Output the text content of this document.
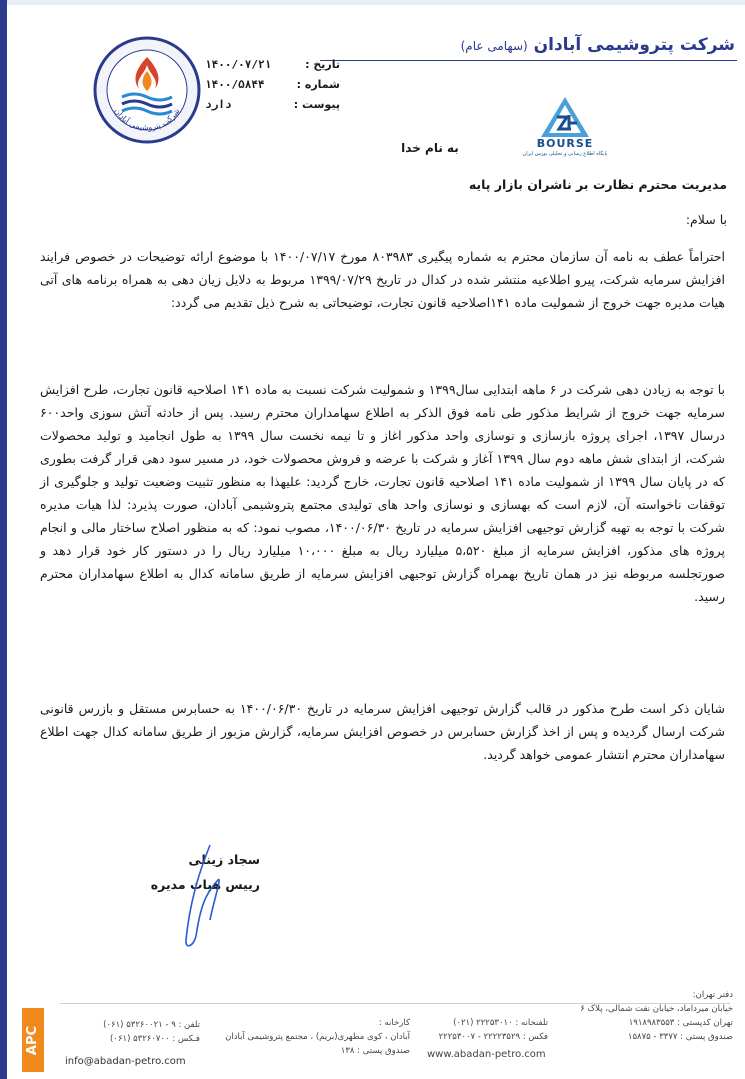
شرکت پتروشیمی آبادان (سهامی عام)
تاریخ :
۱۴۰۰/۰۷/۲۱
شماره :
۱۴۰۰/۵۸۴۴
پیوست :
دارد
شرکت پتروشیمی آبادان
BOURSE
پایگاه اطلاع رسانی و تحلیلی بورس ایران
به نام خدا
مدیریت محترم نظارت بر ناشران بازار پایه
با سلام:
احتراماً عطف به نامه آن سازمان محترم به شماره پیگیری ۸۰۳۹۸۳ مورخ ۱۴۰۰/۰۷/۱۷ با موضوع ارائه توضیحات در خصوص فرایند افزایش سرمایه شرکت، پیرو اطلاعیه منتشر شده در کدال در تاریخ ۱۳۹۹/۰۷/۲۹ مربوط به دلایل زیان دهی به همراه برنامه های آتی هیات مدیره جهت خروج از شمولیت ماده ۱۴۱اصلاحیه قانون تجارت، توضیحاتی به شرح ذیل تقدیم می گردد:
با توجه به زیادن دهی شرکت در ۶ ماهه ابتدایی سال۱۳۹۹ و شمولیت شرکت نسبت به ماده ۱۴۱ اصلاحیه قانون تجارت، طرح افزایش سرمایه جهت خروج از شرایط مذکور طی نامه فوق الذکر به اطلاع سهامداران محترم رسید. پس از حادثه آتش سوزی واحد۶۰۰ درسال ۱۳۹۷، اجرای پروژه بازسازی و نوسازی واحد مذکور اغاز و تا نیمه نخست سال ۱۳۹۹ به طول انجامید و تولید محصولات شرکت، از ابتدای شش ماهه دوم سال ۱۳۹۹ آغاز و شرکت با عرضه و فروش محصولات خود، در مسیر سود دهی قرار گرفت بطوری که در پایان سال ۱۳۹۹ از شمولیت ماده ۱۴۱ اصلاحیه قانون تجارت، خارج گردید: علیهذا به منظور تثبیت وضعیت تولید و جلوگیری از توقفات ناخواسته آن، لازم است که بهسازی و نوسازی واحد های تولیدی مجتمع پتروشیمی آبادان، صورت پذیرد: لذا هیات مدیره شرکت با توجه به تهیه گزارش توجیهی افزایش سرمایه در تاریخ ۱۴۰۰/۰۶/۳۰، مصوب نمود: که به منظور اصلاح ساختار مالی و انجام پروژه های مذکور، افزایش سرمایه از مبلغ ۵،۵۲۰ میلیارد ریال به مبلغ ۱۰،۰۰۰ میلیارد ریال را در دستور کار خود قرار دهد و صورتجلسه مربوطه نیز در همان تاریخ بهمراه گزارش توجیهی افزایش سرمایه از طریق سامانه کدال به اطلاع سهامداران محترم رسید.
شایان ذکر است طرح مذکور در قالب گزارش توجیهی افزایش سرمایه در تاریخ ۱۴۰۰/۰۶/۳۰ به حسابرس مستقل و بازرس قانونی شرکت ارسال گردیده و پس از اخذ گزارش حسابرس در خصوص افزایش سرمایه، گزارش مزبور از طریق سامانه کدال جهت اطلاع سهامداران محترم انتشار عمومی خواهد گردید.
سجاد زینلی
رییس هیات مدیره
APC
دفتر تهران:
خیابان میرداماد، خیابان نفت شمالی، پلاک ۶
تهران کدپستی : ۱۹۱۸۹۸۳۵۵۳
صندوق پستی : ۳۳۷۷ - ۱۵۸۷۵
تلفنخانه : ۲۲۲۵۳۰۱۰ (۰۲۱)
فکس : ۲۲۲۲۳۵۲۹ - ۲۲۲۵۳۰۰۷
www.abadan-petro.com
کارخانه :
آبادان ، کوی مطهری(بریم) ، مجتمع پتروشیمی آبادان
صندوق پستی : ۱۳۸
تلفن : ۹ - ۵۳۲۶۰۰۲۱ (۰۶۱)
فـکس : ۵۳۲۶۰۷۰۰ (۰۶۱)
info@abadan-petro.com
